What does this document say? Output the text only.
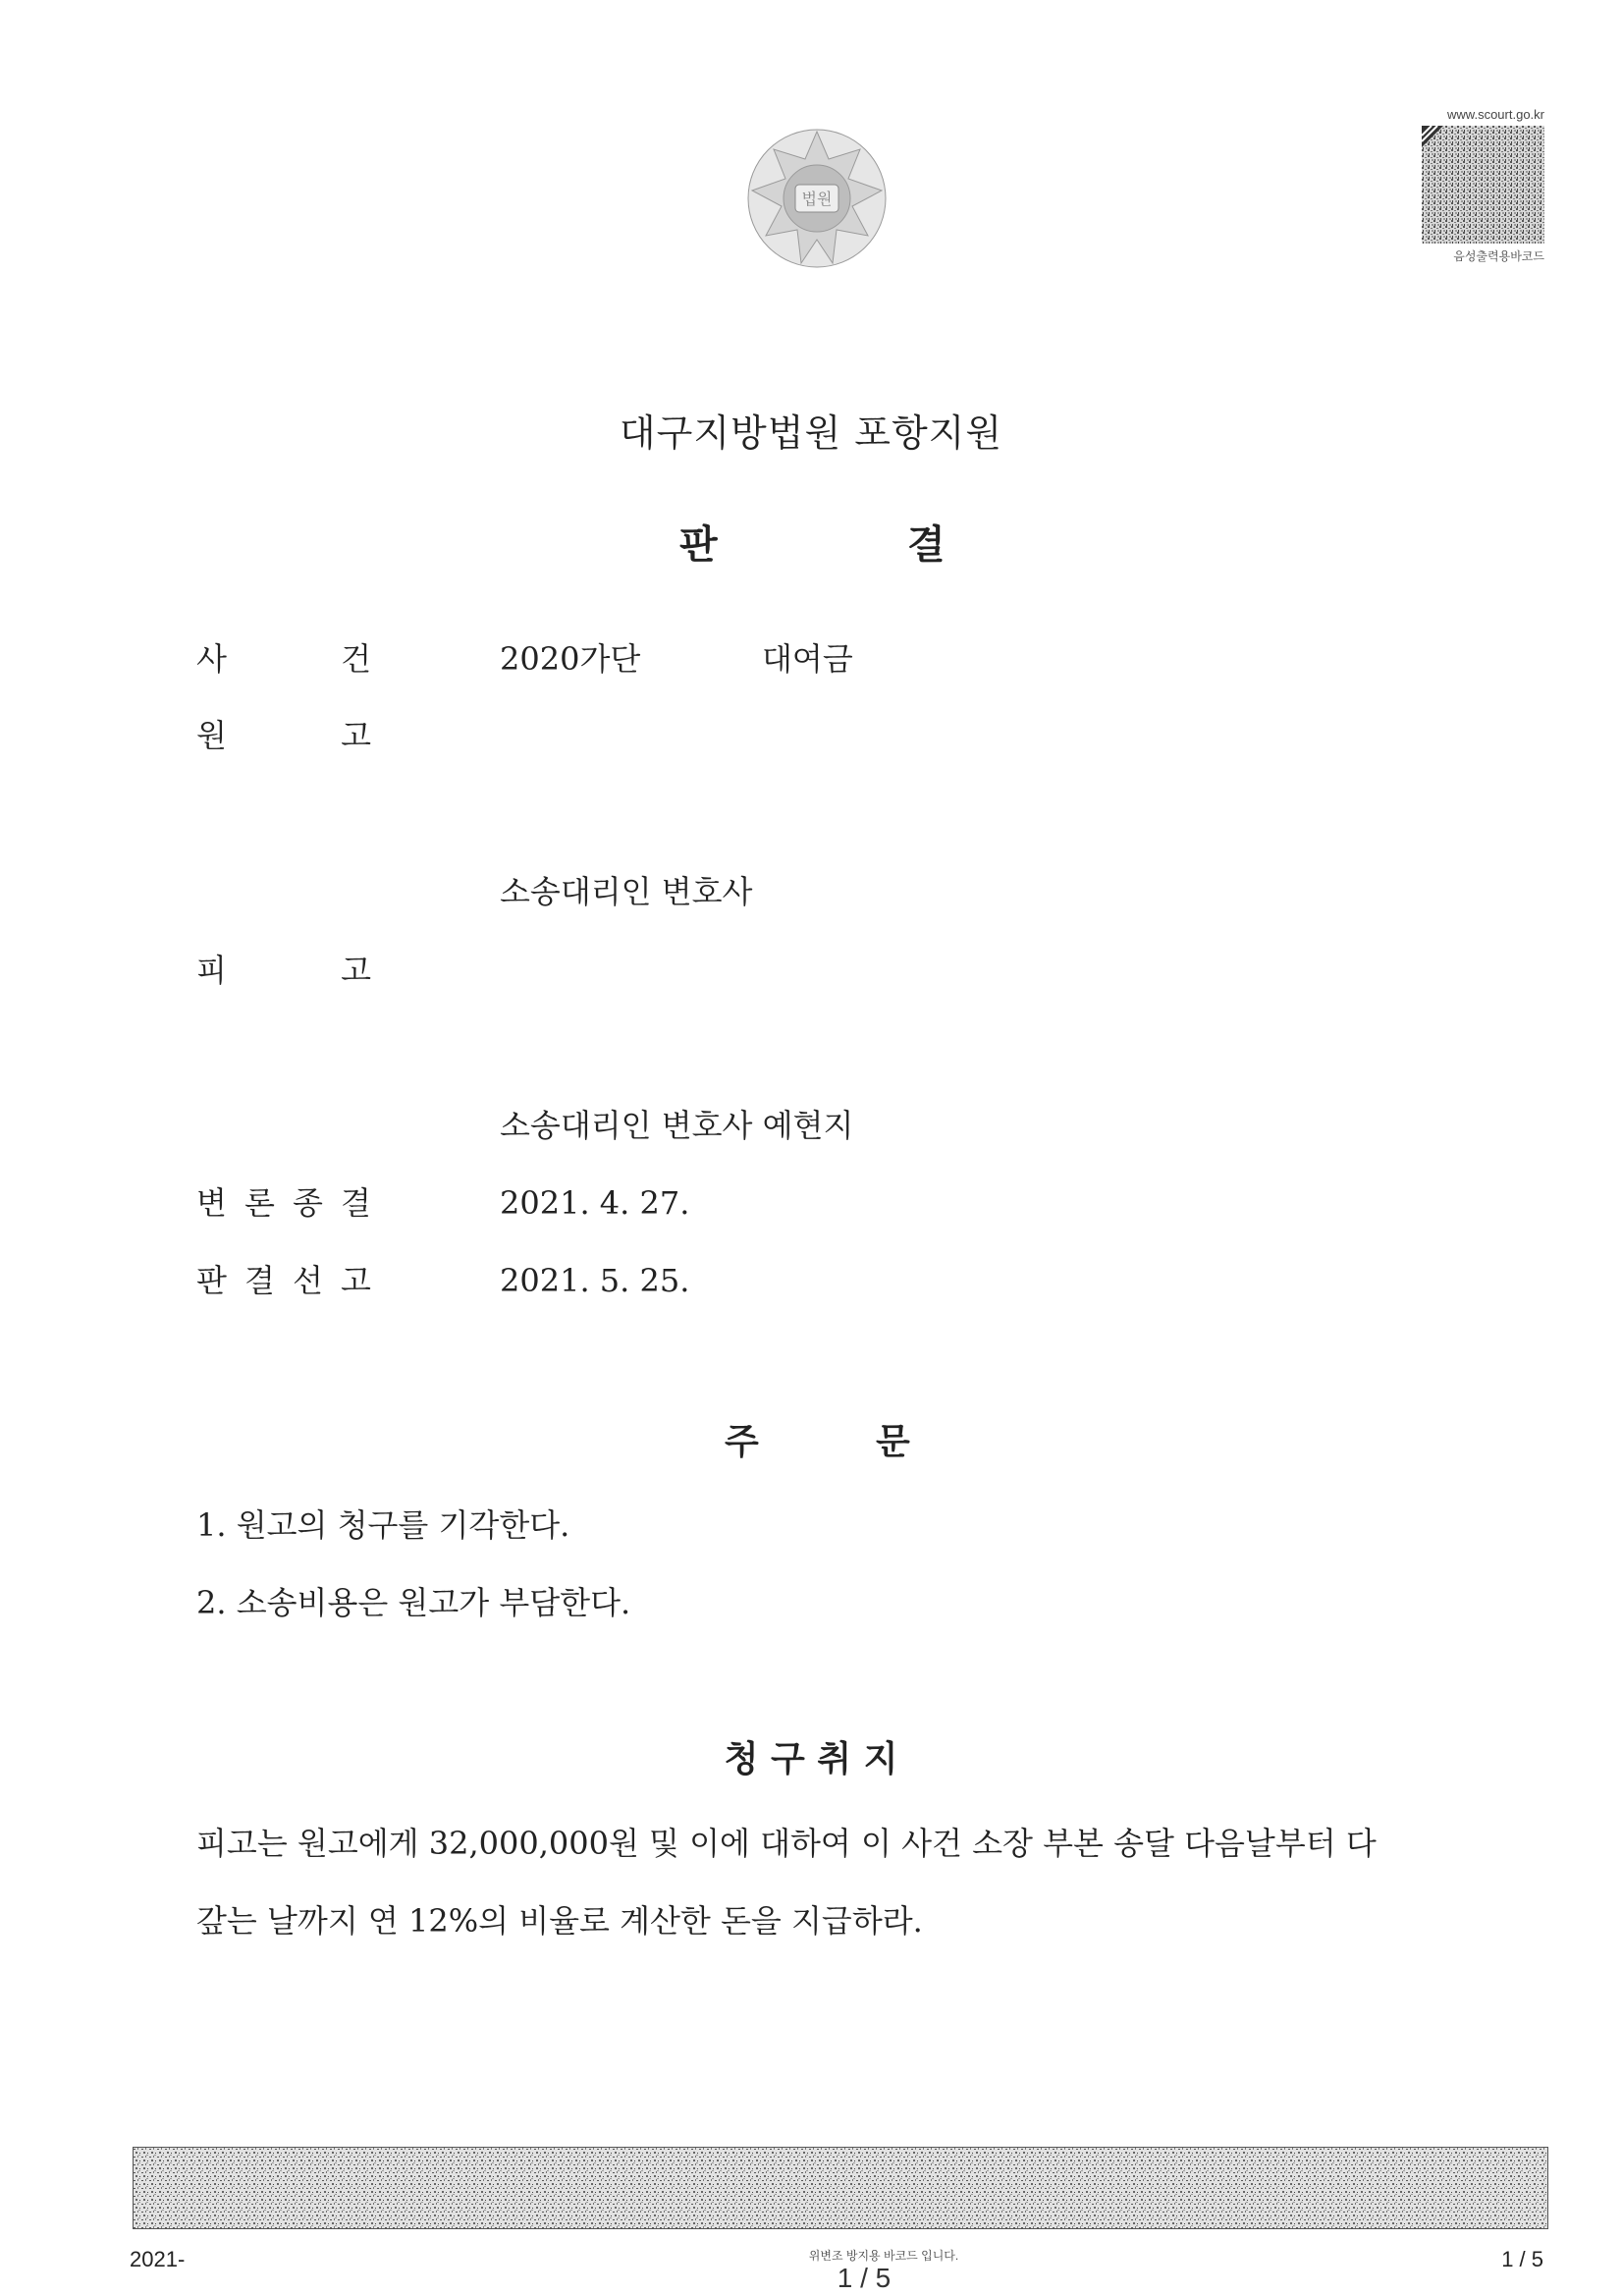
법원
www.scourt.go.kr
음성출력용바코드
대구지방법원 포항지원
판	결
사	건	2020가단	대여금
원	고
소송대리인 변호사
피	고
소송대리인 변호사 예현지
변 론 종 결	2021. 4. 27.
판 결 선 고	2021. 5. 25.
주	문
1. 원고의 청구를 기각한다.
2. 소송비용은 원고가 부담한다.
청 구 취 지
피고는 원고에게 32,000,000원 및 이에 대하여 이 사건 소장 부본 송달 다음날부터 다
갚는 날까지 연 12%의 비율로 계산한 돈을 지급하라.
2021-	위변조 방지용 바코드 입니다.	1 / 5
1 / 5
